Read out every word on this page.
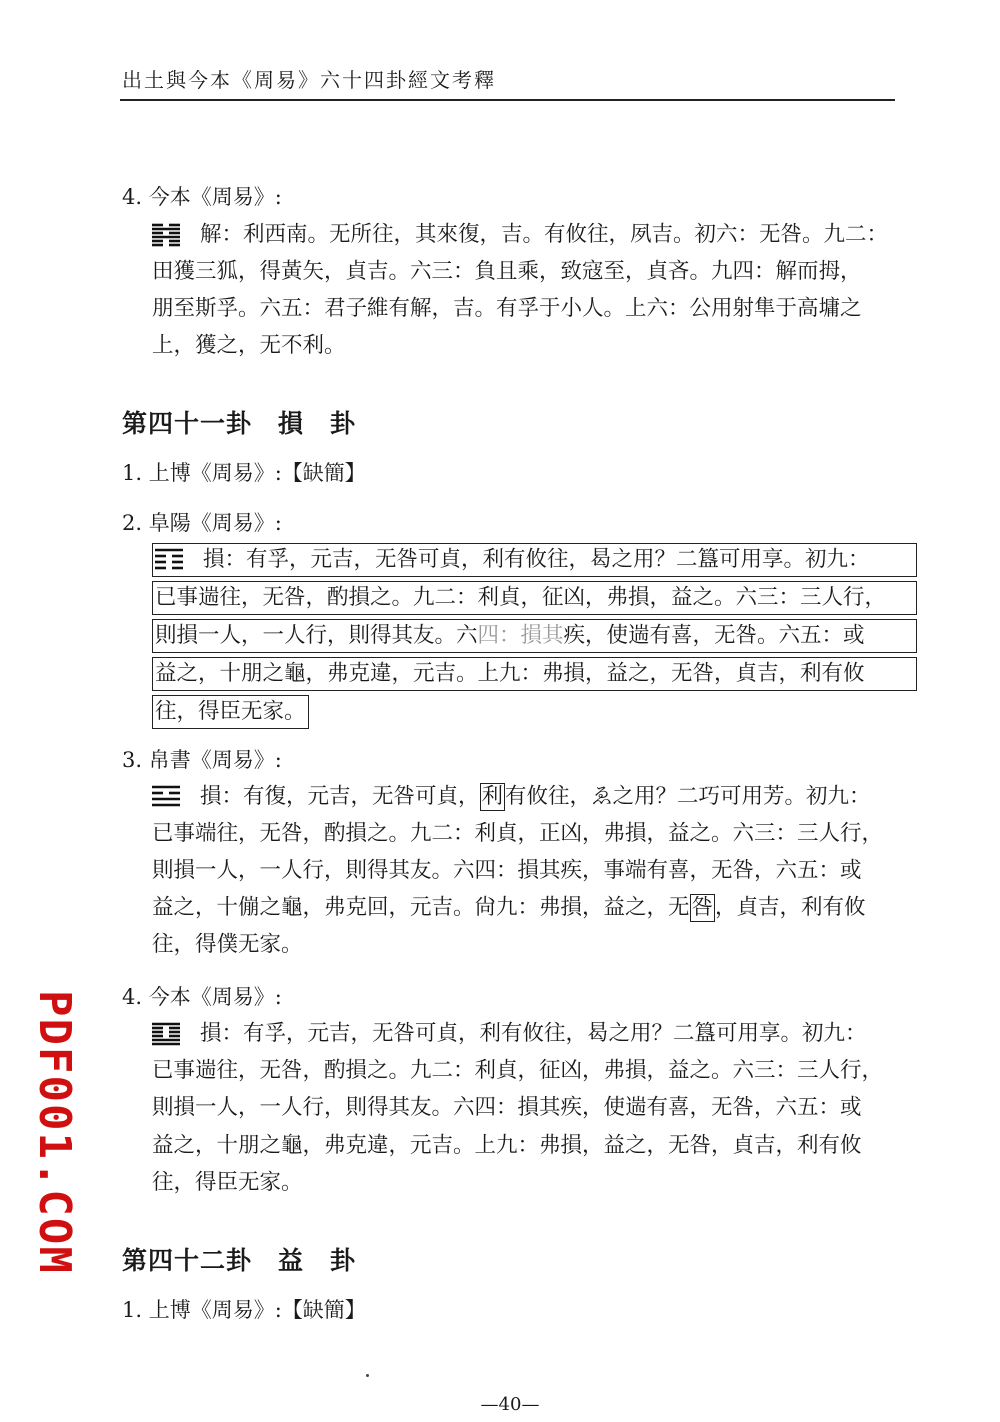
出土與今本《周易》六十四卦經文考釋
4. 今本《周易》:
解：利西南。无所往，其來復，吉。有攸往，夙吉。初六：无咎。九二：
田獲三狐，得黃矢，貞吉。六三：負且乘，致寇至，貞吝。九四：解而拇，
朋至斯孚。六五：君子維有解，吉。有孚于小人。上六：公用射隼于高墉之
上，獲之，无不利。
第四十一卦　損　卦
1. 上博《周易》:【缺簡】
2. 阜陽《周易》:
損：有孚，元吉，无咎可貞，利有攸往，曷之用？二簋可用享。初九：
已事遄往，无咎，酌損之。九二：利貞，征凶，弗損，益之。六三：三人行，
則損一人，一人行，則得其友。六四：損其疾，使遄有喜，无咎。六五：或
益之，十朋之龜，弗克違，元吉。上九：弗損，益之，无咎，貞吉，利有攸
往，得臣无家。
3. 帛書《周易》:
損：有復，元吉，无咎可貞，利有攸往，ゑ之用？二巧可用芳。初九：
已事端往，无咎，酌損之。九二：利貞，正凶，弗損，益之。六三：三人行，
則損一人，一人行，則得其友。六四：損其疾，事端有喜，无咎，六五：或
益之，十傰之龜，弗克回，元吉。尙九：弗損，益之，无咎，貞吉，利有攸
往，得僕无家。
4. 今本《周易》:
損：有孚，元吉，无咎可貞，利有攸往，曷之用？二簋可用享。初九：
已事遄往，无咎，酌損之。九二：利貞，征凶，弗損，益之。六三：三人行，
則損一人，一人行，則得其友。六四：損其疾，使遄有喜，无咎，六五：或
益之，十朋之龜，弗克違，元吉。上九：弗損，益之，无咎，貞吉，利有攸
往，得臣无家。
第四十二卦　益　卦
1. 上博《周易》:【缺簡】
PDF001.COM
—40—
